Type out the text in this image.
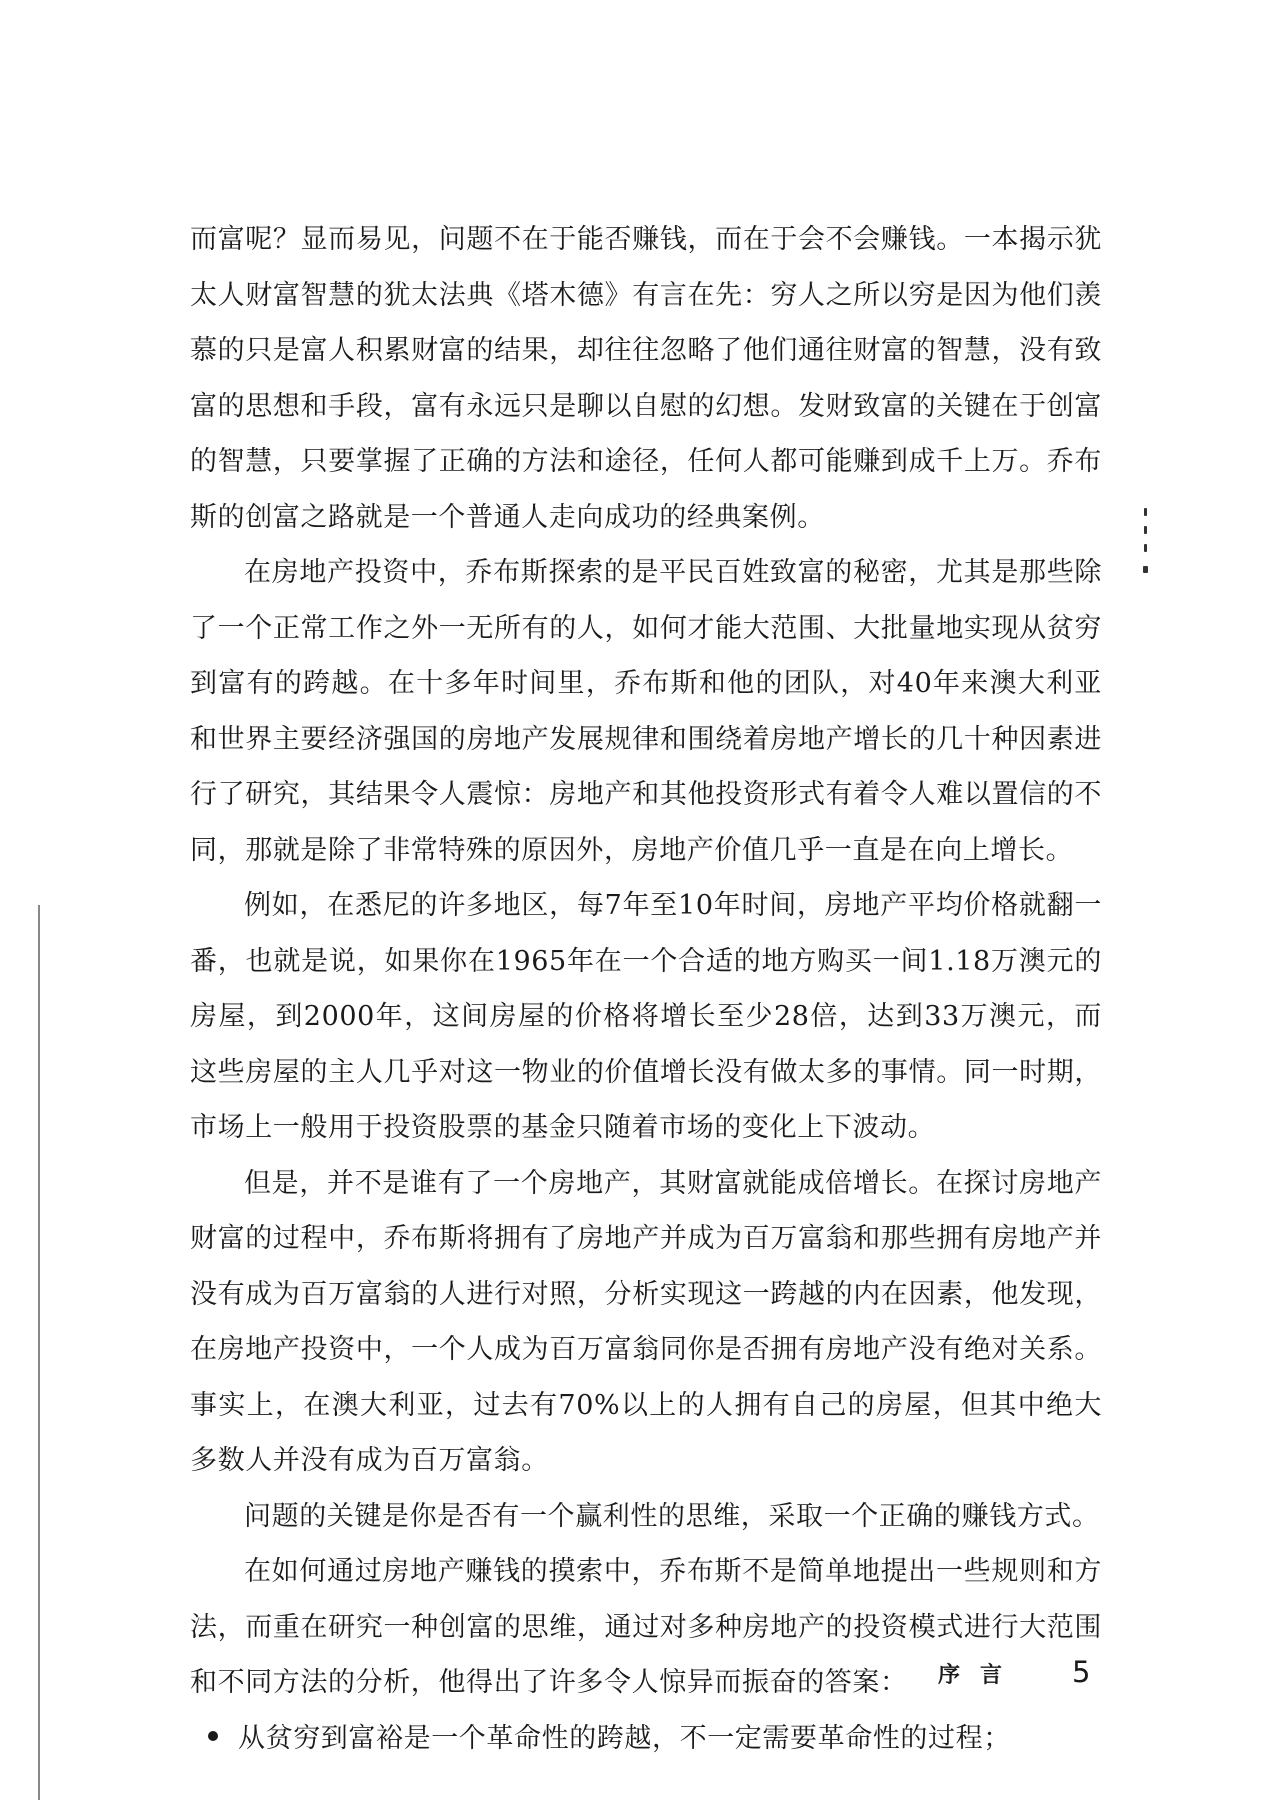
而富呢？显而易见，问题不在于能否赚钱，而在于会不会赚钱。一本揭示犹太人财富智慧的犹太法典《塔木德》有言在先：穷人之所以穷是因为他们羡慕的只是富人积累财富的结果，却往往忽略了他们通往财富的智慧，没有致富的思想和手段，富有永远只是聊以自慰的幻想。发财致富的关键在于创富的智慧，只要掌握了正确的方法和途径，任何人都可能赚到成千上万。乔布斯的创富之路就是一个普通人走向成功的经典案例。

在房地产投资中，乔布斯探索的是平民百姓致富的秘密，尤其是那些除了一个正常工作之外一无所有的人，如何才能大范围、大批量地实现从贫穷到富有的跨越。在十多年时间里，乔布斯和他的团队，对40年来澳大利亚和世界主要经济强国的房地产发展规律和围绕着房地产增长的几十种因素进行了研究，其结果令人震惊：房地产和其他投资形式有着令人难以置信的不同，那就是除了非常特殊的原因外，房地产价值几乎一直是在向上增长。

例如，在悉尼的许多地区，每7年至10年时间，房地产平均价格就翻一番，也就是说，如果你在1965年在一个合适的地方购买一间1.18万澳元的房屋，到2000年，这间房屋的价格将增长至少28倍，达到33万澳元，而这些房屋的主人几乎对这一物业的价值增长没有做太多的事情。同一时期，市场上一般用于投资股票的基金只随着市场的变化上下波动。

但是，并不是谁有了一个房地产，其财富就能成倍增长。在探讨房地产财富的过程中，乔布斯将拥有了房地产并成为百万富翁和那些拥有房地产并没有成为百万富翁的人进行对照，分析实现这一跨越的内在因素，他发现，在房地产投资中，一个人成为百万富翁同你是否拥有房地产没有绝对关系。事实上，在澳大利亚，过去有70%以上的人拥有自己的房屋，但其中绝大多数人并没有成为百万富翁。

问题的关键是你是否有一个赢利性的思维，采取一个正确的赚钱方式。

在如何通过房地产赚钱的摸索中，乔布斯不是简单地提出一些规则和方法，而重在研究一种创富的思维，通过对多种房地产的投资模式进行大范围和不同方法的分析，他得出了许多令人惊异而振奋的答案：

从贫穷到富裕是一个革命性的跨越，不一定需要革命性的过程；
序言 5
